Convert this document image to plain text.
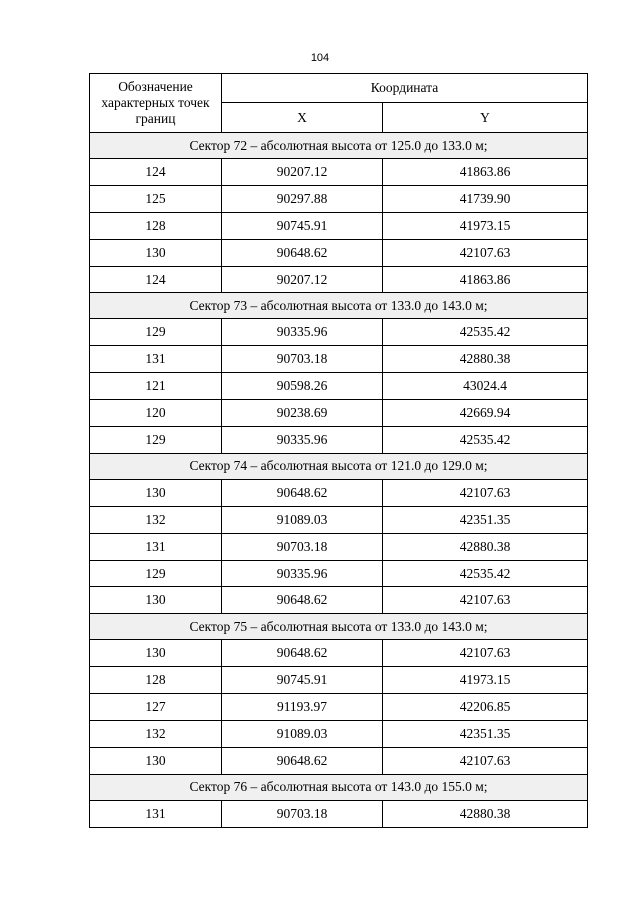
104
Обозначение характерных точек границ	Координата	
	X	Y
Сектор 72 – абсолютная высота от 125.0 до 133.0 м;		
124	90207.12	41863.86
125	90297.88	41739.90
128	90745.91	41973.15
130	90648.62	42107.63
124	90207.12	41863.86
Сектор 73 – абсолютная высота от 133.0 до 143.0 м;		
129	90335.96	42535.42
131	90703.18	42880.38
121	90598.26	43024.4
120	90238.69	42669.94
129	90335.96	42535.42
Сектор 74 – абсолютная высота от 121.0 до 129.0 м;		
130	90648.62	42107.63
132	91089.03	42351.35
131	90703.18	42880.38
129	90335.96	42535.42
130	90648.62	42107.63
Сектор 75 – абсолютная высота от 133.0 до 143.0 м;		
130	90648.62	42107.63
128	90745.91	41973.15
127	91193.97	42206.85
132	91089.03	42351.35
130	90648.62	42107.63
Сектор 76 – абсолютная высота от 143.0 до 155.0 м;		
131	90703.18	42880.38
